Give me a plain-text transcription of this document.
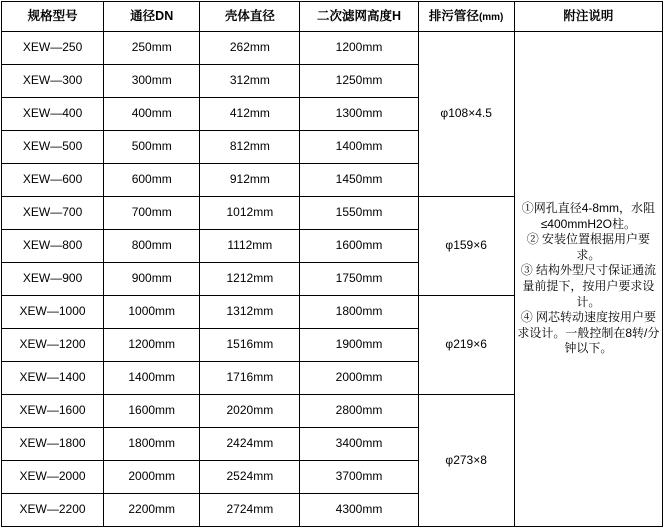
规格型号	通径DN	壳体直径	二次滤网高度H	排污管径(mm)	附注说明
XEW—250	250mm	262mm	1200mm	φ108×4.5	①网孔直径4-8mm，水阻≤400mmH2O柱。

② 安装位置根据用户要求。

③ 结构外型尺寸保证通流量前提下，按用户要求设计。

④ 网芯转动速度按用户要求设计。一般控制在8转/分钟以下。

XEW—300	300mm	312mm	1250mm		
XEW—400	400mm	412mm	1300mm		
XEW—500	500mm	812mm	1400mm		
XEW—600	600mm	912mm	1450mm		
XEW—700	700mm	1012mm	1550mm	φ159×6	
XEW—800	800mm	1112mm	1600mm		
XEW—900	900mm	1212mm	1750mm		
XEW—1000	1000mm	1312mm	1800mm	φ219×6	
XEW—1200	1200mm	1516mm	1900mm		
XEW—1400	1400mm	1716mm	2000mm		
XEW—1600	1600mm	2020mm	2800mm	φ273×8	
XEW—1800	1800mm	2424mm	3400mm		
XEW—2000	2000mm	2524mm	3700mm		
XEW—2200	2200mm	2724mm	4300mm		
